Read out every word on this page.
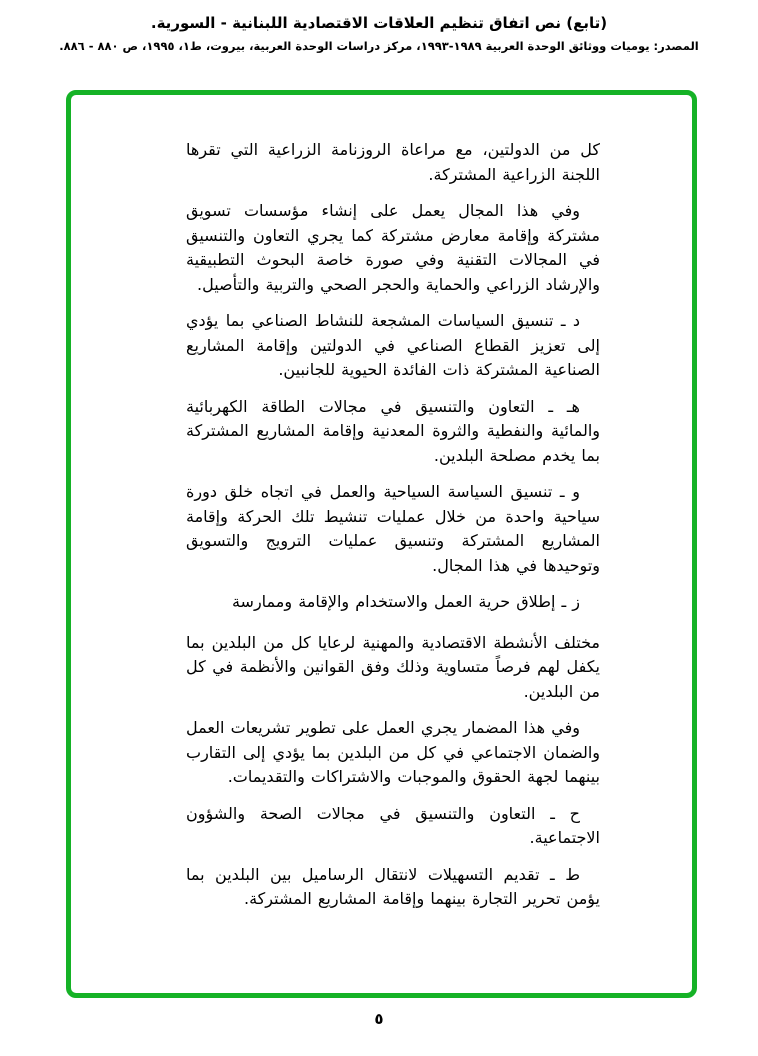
(تابع) نص اتفاق تنظيم العلاقات الاقتصادية اللبنانية - السورية.
المصدر: يوميات ووثائق الوحدة العربية ١٩٨٩-١٩٩٣، مركز دراسات الوحدة العربية، بيروت، ط١، ١٩٩٥، ص ٨٨٠ - ٨٨٦.

كل من الدولتين، مع مراعاة الروزنامة الزراعية التي تقرها اللجنة الزراعية المشتركة.

وفي هذا المجال يعمل على إنشاء مؤسسات تسويق مشتركة وإقامة معارض مشتركة كما يجري التعاون والتنسيق في المجالات التقنية وفي صورة خاصة البحوث التطبيقية والإرشاد الزراعي والحماية والحجر الصحي والتربية والتأصيل.

د ـ تنسيق السياسات المشجعة للنشاط الصناعي بما يؤدي إلى تعزيز القطاع الصناعي في الدولتين وإقامة المشاريع الصناعية المشتركة ذات الفائدة الحيوية للجانبين.

هـ ـ التعاون والتنسيق في مجالات الطاقة الكهربائية والمائية والنفطية والثروة المعدنية وإقامة المشاريع المشتركة بما يخدم مصلحة البلدين.

و ـ تنسيق السياسة السياحية والعمل في اتجاه خلق دورة سياحية واحدة من خلال عمليات تنشيط تلك الحركة وإقامة المشاريع المشتركة وتنسيق عمليات الترويج والتسويق وتوحيدها في هذا المجال.

ز ـ إطلاق حرية العمل والاستخدام والإقامة وممارسة

مختلف الأنشطة الاقتصادية والمهنية لرعايا كل من البلدين بما يكفل لهم فرصاً متساوية وذلك وفق القوانين والأنظمة في كل من البلدين.

وفي هذا المضمار يجري العمل على تطوير تشريعات العمل والضمان الاجتماعي في كل من البلدين بما يؤدي إلى التقارب بينهما لجهة الحقوق والموجبات والاشتراكات والتقديمات.

ح ـ التعاون والتنسيق في مجالات الصحة والشؤون الاجتماعية.

ط ـ تقديم التسهيلات لانتقال الرساميل بين البلدين بما يؤمن تحرير التجارة بينهما وإقامة المشاريع المشتركة.

٥
